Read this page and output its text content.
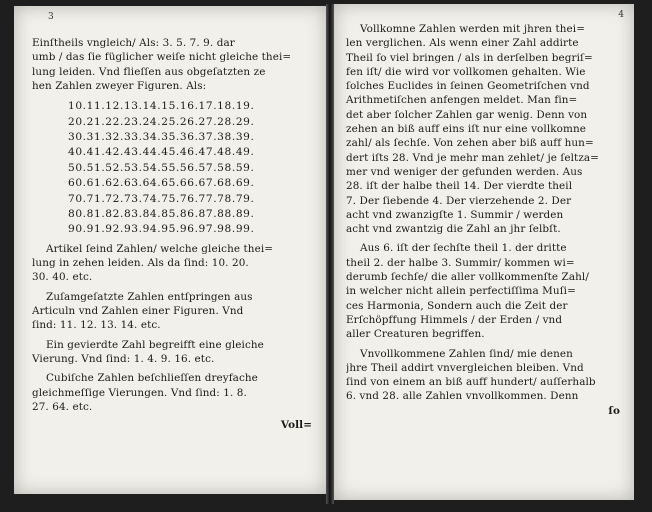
3
Einſtheils vngleich/ Als: 3. 5. 7. 9. dar
umb / das ſie füglicher weiſe nicht gleiche thei=
lung leiden. Vnd flieſſen aus obgeſatzten ze
hen Zahlen zweyer Figuren. Als:
10.11.12.13.14.15.16.17.18.19.
20.21.22.23.24.25.26.27.28.29.
30.31.32.33.34.35.36.37.38.39.
40.41.42.43.44.45.46.47.48.49.
50.51.52.53.54.55.56.57.58.59.
60.61.62.63.64.65.66.67.68.69.
70.71.72.73.74.75.76.77.78.79.
80.81.82.83.84.85.86.87.88.89.
90.91.92.93.94.95.96.97.98.99.
Artikel ſeind Zahlen/ welche gleiche thei=
lung in zehen leiden. Als da ſind: 10. 20.
30. 40. etc.
Zuſamgeſatzte Zahlen entſpringen aus
Articuln vnd Zahlen einer Figuren. Vnd
ſind: 11. 12. 13. 14. etc.
Ein gevierdte Zahl begreifft eine gleiche
Vierung. Vnd ſind: 1. 4. 9. 16. etc.
Cubiſche Zahlen beſchlieſſen dreyfache
gleichmeſſige Vierungen. Vnd ſind: 1. 8.
27. 64. etc.
Voll=
4
Vollkomne Zahlen werden mit jhren thei=
len verglichen. Als wenn einer Zahl addirte
Theil ſo viel bringen / als in derſelben begriſ=
fen iſt/ die wird vor vollkomen gehalten. Wie
ſolches Euclides in ſeinen Geometriſchen vnd
Arithmetiſchen anfengen meldet. Man fin=
det aber ſolcher Zahlen gar wenig. Denn von
zehen an biß auff eins iſt nur eine vollkomne
zahl/ als ſechſe. Von zehen aber biß auff hun=
dert iſts 28. Vnd je mehr man zehlet/ je ſeltza=
mer vnd weniger der gefunden werden. Aus
28. iſt der halbe theil 14. Der vierdte theil
7. Der ſiebende 4. Der vierzehende 2. Der
acht vnd zwanzigſte 1. Summir / werden
acht vnd zwantzig die Zahl an jhr ſelbſt.
Aus 6. iſt der ſechſte theil 1. der dritte
theil 2. der halbe 3. Summir/ kommen wi=
derumb ſechſe/ die aller vollkommenſte Zahl/
in welcher nicht allein perfectiſſima Muſi=
ces Harmonia, Sondern auch die Zeit der
Erſchöpffung Himmels / der Erden / vnd
aller Creaturen begriffen.
Vnvollkommene Zahlen ſind/ mie denen
jhre Theil addirt vnvergleichen bleiben. Vnd
ſind von einem an biß auff hundert/ auſſerhalb
6. vnd 28. alle Zahlen vnvollkommen. Denn
ſo
